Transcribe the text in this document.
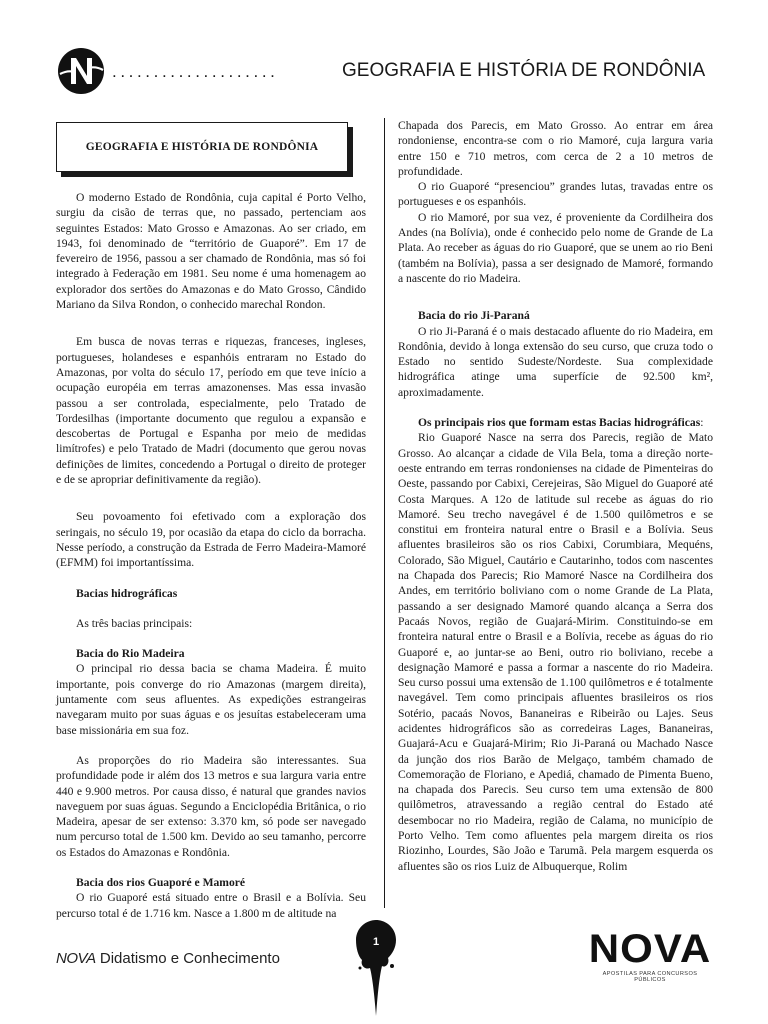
....................	GEOGRAFIA E HISTÓRIA DE RONDÔNIA
GEOGRAFIA E HISTÓRIA DE RONDÔNIA
O moderno Estado de Rondônia, cuja capital é Porto Velho, surgiu da cisão de terras que, no passado, pertenciam aos seguintes Estados: Mato Grosso e Amazonas. Ao ser criado, em 1943, foi denominado de “território de Guaporé”. Em 17 de fevereiro de 1956, passou a ser chamado de Rondônia, mas só foi integrado à Federação em 1981. Seu nome é uma homenagem ao explorador dos sertões do Amazonas e do Mato Grosso, Cândido Mariano da Silva Rondon, o conhecido marechal Rondon.
Em busca de novas terras e riquezas, franceses, ingleses, portugueses, holandeses e espanhóis entraram no Estado do Amazonas, por volta do século 17, período em que teve início a ocupação européia em terras amazonenses. Mas essa invasão passou a ser controlada, especialmente, pelo Tratado de Tordesilhas (importante documento que regulou a expansão e descobertas de Portugal e Espanha por meio de medidas limítrofes) e pelo Tratado de Madri (documento que gerou novas definições de limites, concedendo a Portugal o direito de proteger e de se apropriar definitivamente da região).
Seu povoamento foi efetivado com a exploração dos seringais, no século 19, por ocasião da etapa do ciclo da borracha. Nesse período, a construção da Estrada de Ferro Madeira-Mamoré (EFMM) foi importantíssima.
Bacias hidrográficas
As três bacias principais:
Bacia do Rio Madeira
O principal rio dessa bacia se chama Madeira. É muito importante, pois converge do rio Amazonas (margem direita), juntamente com seus afluentes. As expedições estrangeiras navegaram muito por suas águas e os jesuítas estabeleceram uma base missionária em sua foz.
As proporções do rio Madeira são interessantes. Sua profundidade pode ir além dos 13 metros e sua largura varia entre 440 e 9.900 metros. Por causa disso, é natural que grandes navios naveguem por suas águas. Segundo a Enciclopédia Britânica, o rio Madeira, apesar de ser extenso: 3.370 km, só pode ser navegado num percurso total de 1.500 km. Devido ao seu tamanho, percorre os Estados do Amazonas e Rondônia.
Bacia dos rios Guaporé e Mamoré
O rio Guaporé está situado entre o Brasil e a Bolívia. Seu percurso total é de 1.716 km. Nasce a 1.800 m de altitude na
Chapada dos Parecis, em Mato Grosso. Ao entrar em área rondoniense, encontra-se com o rio Mamoré, cuja largura varia entre 150 e 710 metros, com cerca de 2 a 10 metros de profundidade.
O rio Guaporé “presenciou” grandes lutas, travadas entre os portugueses e os espanhóis.
O rio Mamoré, por sua vez, é proveniente da Cordilheira dos Andes (na Bolívia), onde é conhecido pelo nome de Grande de La Plata. Ao receber as águas do rio Guaporé, que se unem ao rio Beni (também na Bolívia), passa a ser designado de Mamoré, formando a nascente do rio Madeira.
Bacia do rio Ji-Paraná
O rio Ji-Paraná é o mais destacado afluente do rio Madeira, em Rondônia, devido à longa extensão do seu curso, que cruza todo o Estado no sentido Sudeste/Nordeste. Sua complexidade hidrográfica atinge uma superfície de 92.500 km², aproximadamente.
Os principais rios que formam estas Bacias hidrográficas:
Rio Guaporé Nasce na serra dos Parecis, região de Mato Grosso. Ao alcançar a cidade de Vila Bela, toma a direção norte-oeste entrando em terras rondonienses na cidade de Pimenteiras do Oeste, passando por Cabixi, Cerejeiras, São Miguel do Guaporé até Costa Marques. A 12o de latitude sul recebe as águas do rio Mamoré. Seu trecho navegável é de 1.500 quilômetros e se constitui em fronteira natural entre o Brasil e a Bolívia. Seus afluentes brasileiros são os rios Cabixi, Corumbiara, Mequéns, Colorado, São Miguel, Cautário e Cautarinho, todos com nascentes na Chapada dos Parecis; Rio Mamoré Nasce na Cordilheira dos Andes, em território boliviano com o nome Grande de La Plata, passando a ser designado Mamoré quando alcança a Serra dos Pacaás Novos, região de Guajará-Mirim. Constituindo-se em fronteira natural entre o Brasil e a Bolívia, recebe as águas do rio Guaporé e, ao juntar-se ao Beni, outro rio boliviano, recebe a designação Mamoré e passa a formar a nascente do rio Madeira. Seu curso possui uma extensão de 1.100 quilômetros e é totalmente navegável. Tem como principais afluentes brasileiros os rios Sotério, pacaás Novos, Bananeiras e Ribeirão ou Lajes. Seus acidentes hidrográficos são as corredeiras Lages, Bananeiras, Guajará-Acu e Guajará-Mirim; Rio Ji-Paraná ou Machado Nasce da junção dos rios Barão de Melgaço, também chamado de Comemoração de Floriano, e Apediá, chamado de Pimenta Bueno, na chapada dos Parecis. Seu curso tem uma extensão de 800 quilômetros, atravessando a região central do Estado até desembocar no rio Madeira, região de Calama, no município de Porto Velho. Tem como afluentes pela margem direita os rios Riozinho, Lourdes, São João e Tarumã. Pela margem esquerda os afluentes são os rios Luiz de Albuquerque, Rolim
NOVA Didatismo e Conhecimento
1	NOVA
APOSTILAS PARA CONCURSOS PÚBLICOS
